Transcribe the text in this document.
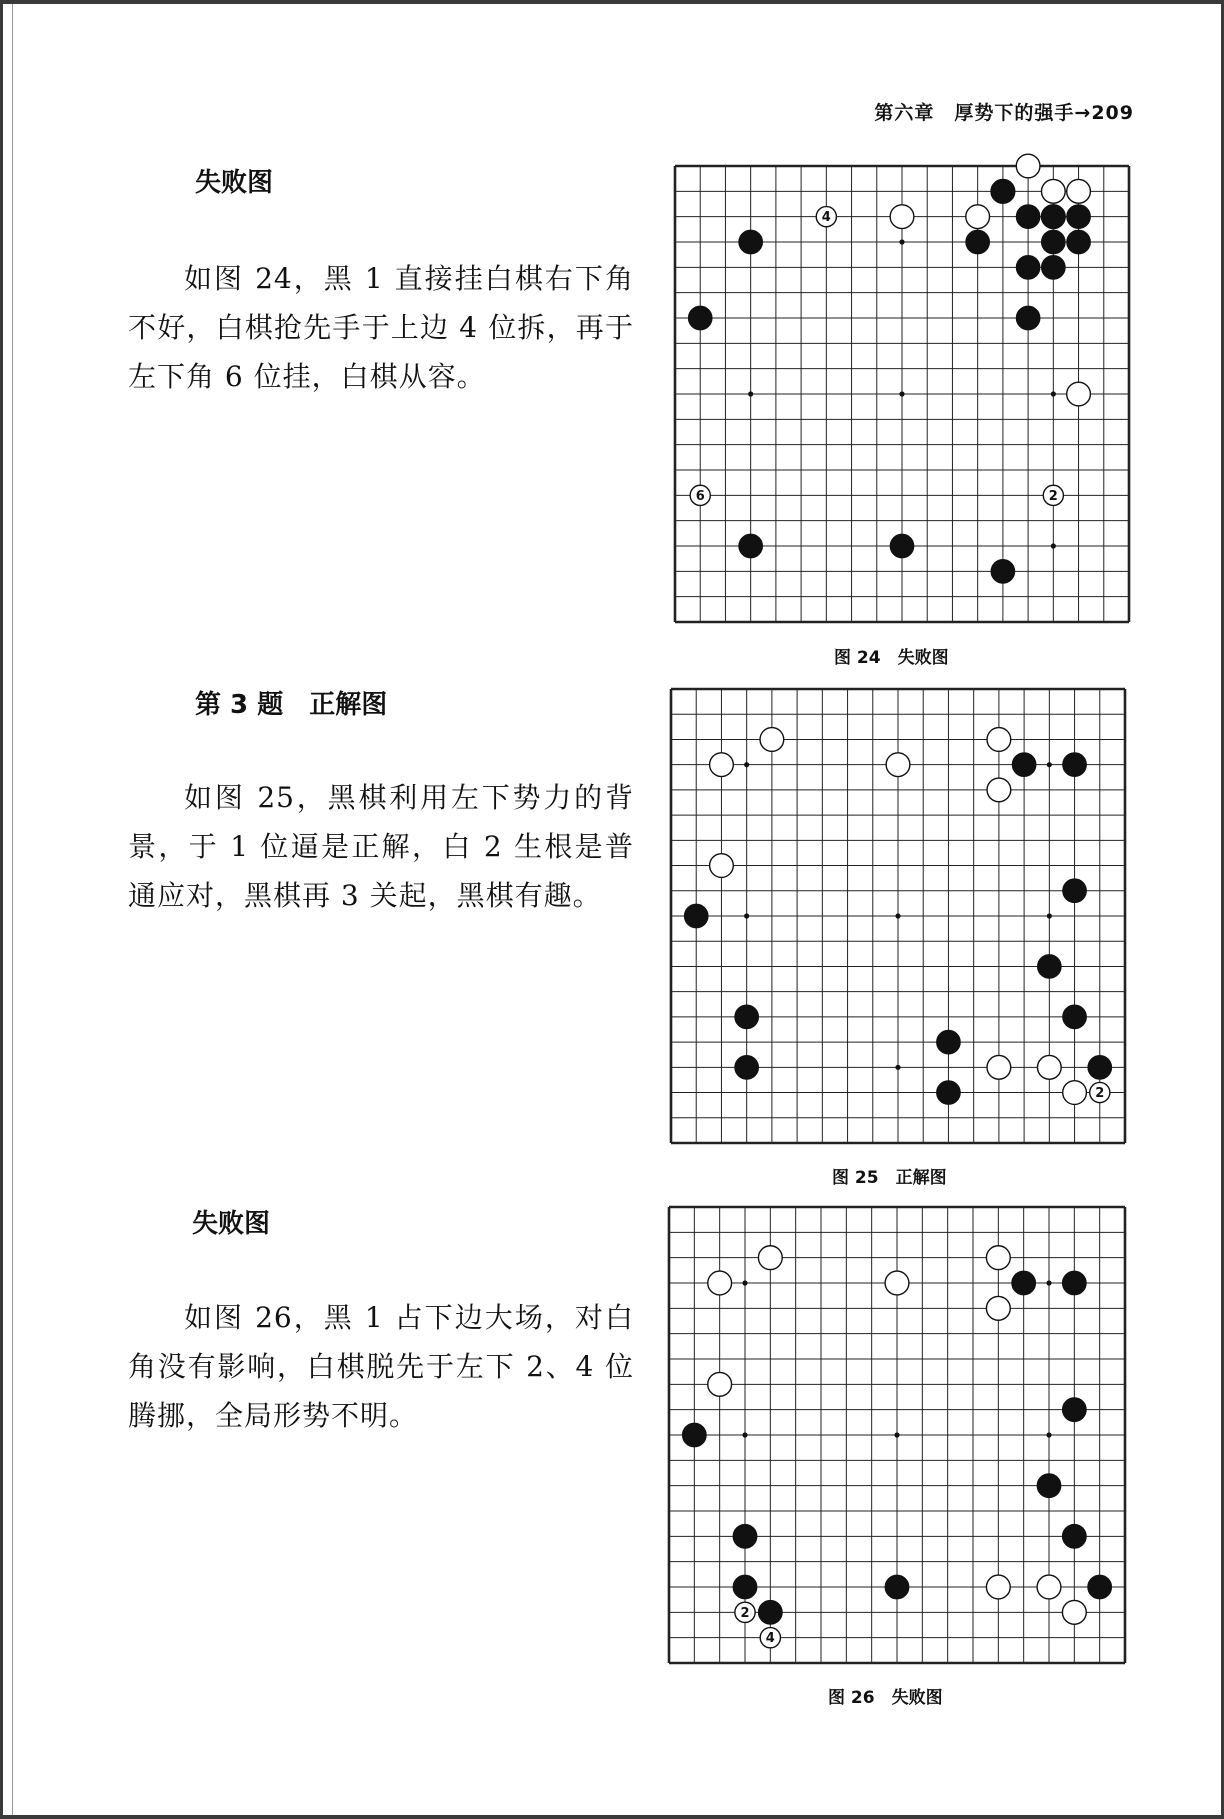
第六章　厚势下的强手→209
失败图
如图 24，黑 1 直接挂白棋右下角不好，白棋抢先手于上边 4 位拆，再于左下角 6 位挂，白棋从容。
4
6	2
图 24　失败图
第 3 题　正解图
如图 25，黑棋利用左下势力的背景，于 1 位逼是正解，白 2 生根是普通应对，黑棋再 3 关起，黑棋有趣。
2
图 25　正解图
失败图
如图 26，黑 1 占下边大场，对白角没有影响，白棋脱先于左下 2、4 位腾挪，全局形势不明。
2
4
图 26　失败图
